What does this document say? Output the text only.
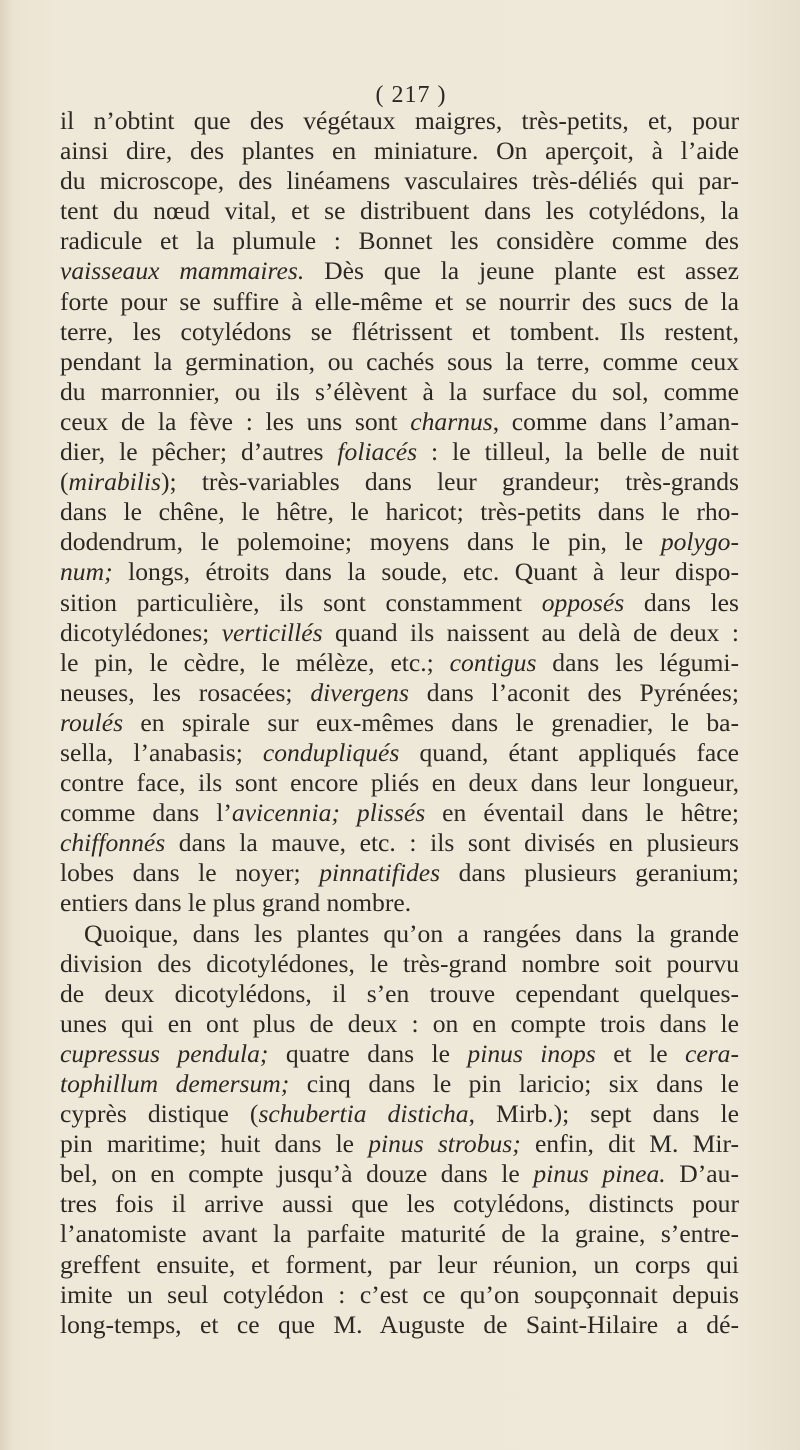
( 217 )
il n’obtint que des végétaux maigres, très-petits, et, pour
ainsi dire, des plantes en miniature. On aperçoit, à l’aide
du microscope, des linéamens vasculaires très-déliés qui par-
tent du nœud vital, et se distribuent dans les cotylédons, la
radicule et la plumule : Bonnet les considère comme des
vaisseaux mammaires. Dès que la jeune plante est assez
forte pour se suffire à elle-même et se nourrir des sucs de la
terre, les cotylédons se flétrissent et tombent. Ils restent,
pendant la germination, ou cachés sous la terre, comme ceux
du marronnier, ou ils s’élèvent à la surface du sol, comme
ceux de la fève : les uns sont charnus, comme dans l’aman-
dier, le pêcher; d’autres foliacés : le tilleul, la belle de nuit
(mirabilis); très-variables dans leur grandeur; très-grands
dans le chêne, le hêtre, le haricot; très-petits dans le rho-
dodendrum, le polemoine; moyens dans le pin, le polygo-
num; longs, étroits dans la soude, etc. Quant à leur dispo-
sition particulière, ils sont constamment opposés dans les
dicotylédones; verticillés quand ils naissent au delà de deux :
le pin, le cèdre, le mélèze, etc.; contigus dans les légumi-
neuses, les rosacées; divergens dans l’aconit des Pyrénées;
roulés en spirale sur eux-mêmes dans le grenadier, le ba-
sella, l’anabasis; condupliqués quand, étant appliqués face
contre face, ils sont encore pliés en deux dans leur longueur,
comme dans l’avicennia; plissés en éventail dans le hêtre;
chiffonnés dans la mauve, etc. : ils sont divisés en plusieurs
lobes dans le noyer; pinnatifides dans plusieurs geranium;
entiers dans le plus grand nombre.
Quoique, dans les plantes qu’on a rangées dans la grande
division des dicotylédones, le très-grand nombre soit pourvu
de deux dicotylédons, il s’en trouve cependant quelques-
unes qui en ont plus de deux : on en compte trois dans le
cupressus pendula; quatre dans le pinus inops et le cera-
tophillum demersum; cinq dans le pin laricio; six dans le
cyprès distique (schubertia disticha, Mirb.); sept dans le
pin maritime; huit dans le pinus strobus; enfin, dit M. Mir-
bel, on en compte jusqu’à douze dans le pinus pinea. D’au-
tres fois il arrive aussi que les cotylédons, distincts pour
l’anatomiste avant la parfaite maturité de la graine, s’entre-
greffent ensuite, et forment, par leur réunion, un corps qui
imite un seul cotylédon : c’est ce qu’on soupçonnait depuis
long-temps, et ce que M. Auguste de Saint-Hilaire a dé-
